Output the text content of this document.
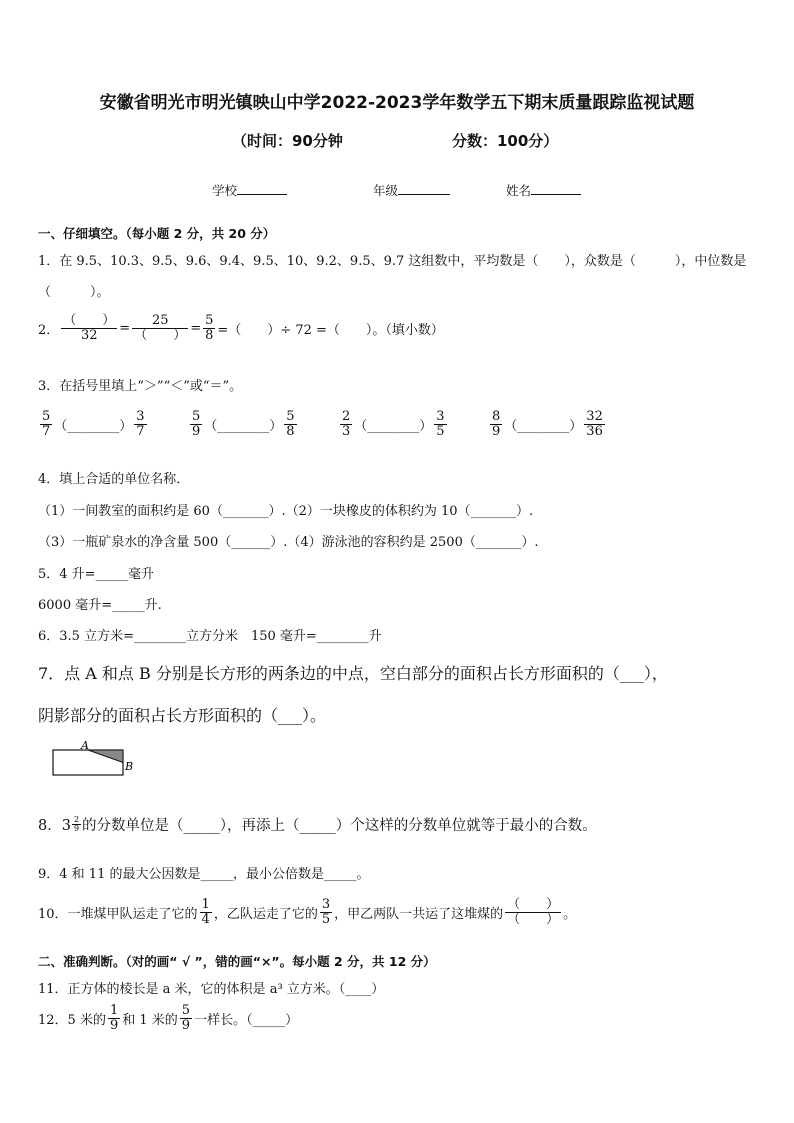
安徽省明光市明光镇映山中学2022-2023学年数学五下期末质量跟踪监视试题
（时间：90分钟	分数：100分）
学校	年级	姓名
一、仔细填空。（每小题 2 分，共 20 分）
1．在 9.5、10.3、9.5、9.6、9.4、9.5、10、9.2、9.5、9.7 这组数中，平均数是（　　），众数是（　　　），中位数是
（　　　）。
2． $\frac{( )}{32} = \frac{25}{( )} = \frac{5}{8}$ =（　　）÷ 72 =（　　）。（填小数）
3．在括号里填上“＞”“＜”或“＝”。
$\frac{5}{7}$ （________） $\frac{3}{7}$	$\frac{5}{9}$ （________） $\frac{5}{8}$	$\frac{2}{3}$ （________） $\frac{3}{5}$	$\frac{8}{9}$ （________） $\frac{32}{36}$
4．填上合适的单位名称．
（1）一间教室的面积约是 60（_______）.（2）一块橡皮的体积约为 10（_______）.
（3）一瓶矿泉水的净含量 500（______）.（4）游泳池的容积约是 2500（_______）.
5．4 升=_____毫升
6000 毫升=_____升.
6．3.5 立方米=________立方分米　150 毫升=________升
7．点 A 和点 B 分别是长方形的两条边的中点，空白部分的面积占长方形面积的（___），
阴影部分的面积占长方形面积的（___）。
A
B
8．$3 \frac{2}{9}$ 的分数单位是（_____），再添上（_____）个这样的分数单位就等于最小的合数。
9．4 和 11 的最大公因数是_____，最小公倍数是_____。
10．一堆煤甲队运走了它的 $\frac{1}{4}$ ，乙队运走了它的 $\frac{3}{5}$ ，甲乙两队一共运了这堆煤的 $\frac{( )}{( )}$ 。
二、准确判断。（对的画“ √ ”，错的画“×”。每小题 2 分，共 12 分）
11．正方体的棱长是 a 米，它的体积是 a³ 立方米。（____）
12．5 米的 $\frac{1}{9}$ 和 1 米的 $\frac{5}{9}$ 一样长。（_____）
